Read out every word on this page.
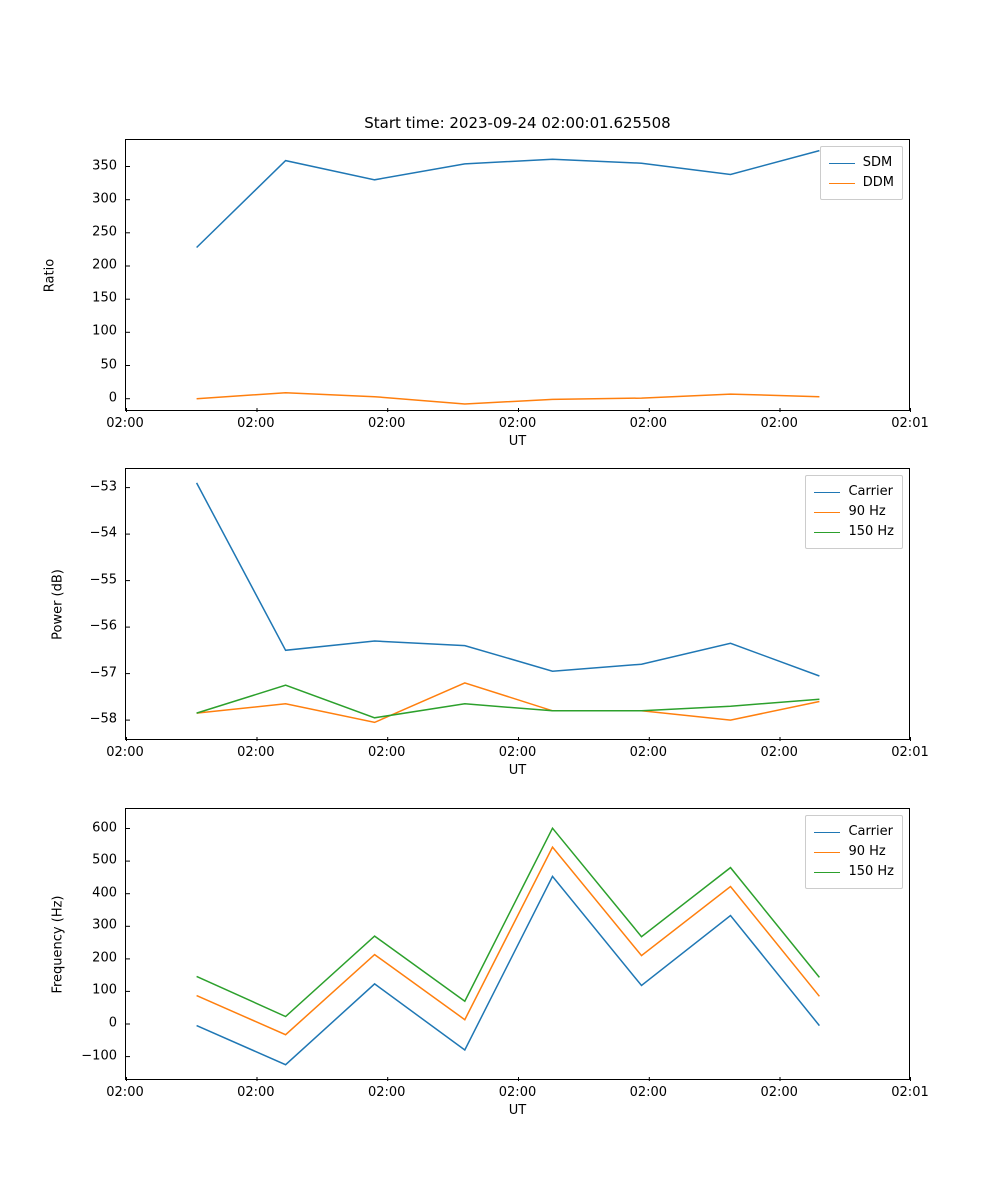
Start time: 2023-09-24 02:00:01.625508
SDM
DDM
0
50
100
150
200
250
300
350
02:00	02:00	02:00	02:00	02:00	02:00	02:01
UT
Ratio
Carrier
90 Hz
150 Hz
−58
−57
−56
−55
−54
−53
02:00	02:00	02:00	02:00	02:00	02:00	02:01
UT
Power (dB)
Carrier
90 Hz
150 Hz
−100
0
100
200
300
400
500
600
02:00	02:00	02:00	02:00	02:00	02:00	02:01
UT
Frequency (Hz)
